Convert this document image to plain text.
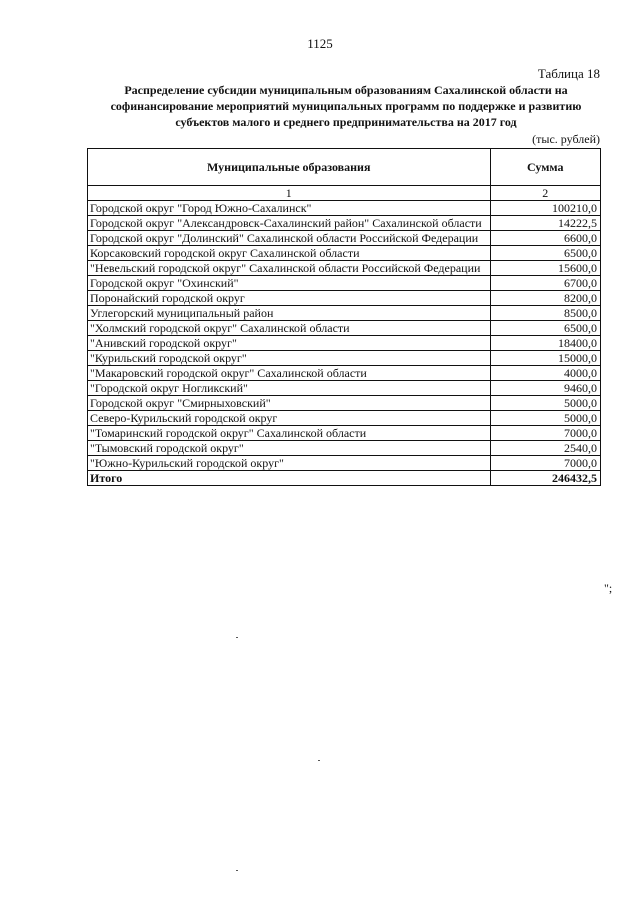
1125
Таблица 18
Распределение субсидии муниципальным образованиям Сахалинской области на софинансирование мероприятий муниципальных программ по поддержке и развитию субъектов малого и среднего предпринимательства на 2017 год
(тыс. рублей)
Муниципальные образования	Сумма
1	2
Городской округ "Город Южно-Сахалинск"	100210,0
Городской округ "Александровск-Сахалинский район" Сахалинской области	14222,5
Городской округ "Долинский" Сахалинской области Российской Федерации	6600,0
Корсаковский городской округ Сахалинской области	6500,0
"Невельский городской округ" Сахалинской области Российской Федерации	15600,0
Городской округ "Охинский"	6700,0
Поронайский городской округ	8200,0
Углегорский муниципальный район	8500,0
"Холмский городской округ" Сахалинской области	6500,0
"Анивский городской округ"	18400,0
"Курильский городской округ"	15000,0
"Макаровский городской округ" Сахалинской области	4000,0
"Городской округ Ногликский"	9460,0
Городской округ "Смирныховский"	5000,0
Северо-Курильский городской округ	5000,0
"Томаринский городской округ" Сахалинской области	7000,0
"Тымовский городской округ"	2540,0
"Южно-Курильский городской округ"	7000,0
Итого	246432,5
";
